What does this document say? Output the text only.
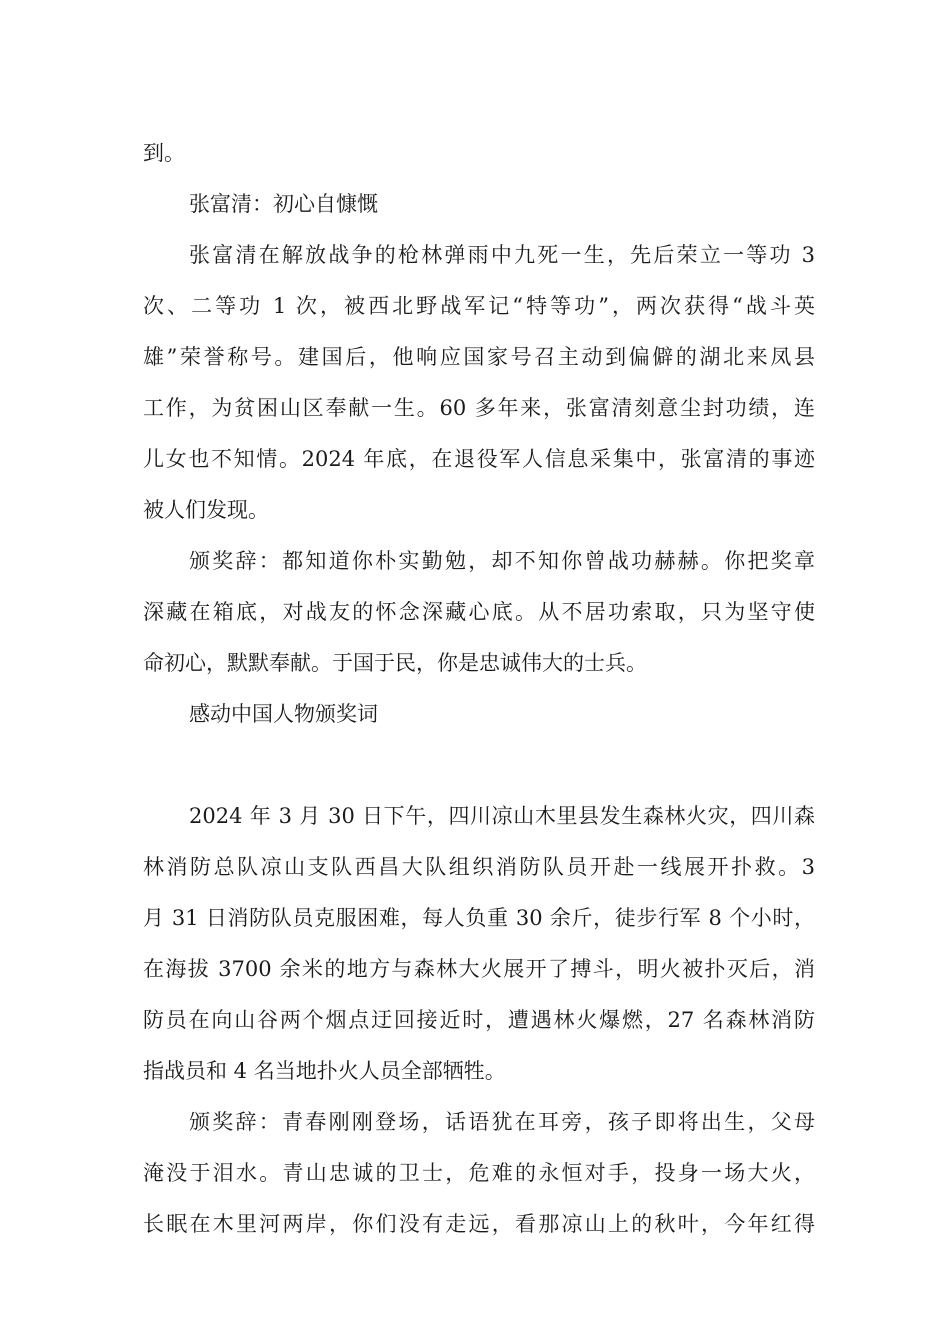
到。
张富清：初心自慷慨
张富清在解放战争的枪林弹雨中九死一生，先后荣立一等功 3
次、二等功 1 次，被西北野战军记“特等功”，两次获得“战斗英
雄”荣誉称号。建国后，他响应国家号召主动到偏僻的湖北来凤县
工作，为贫困山区奉献一生。60 多年来，张富清刻意尘封功绩，连
儿女也不知情。2024 年底，在退役军人信息采集中，张富清的事迹
被人们发现。
颁奖辞：都知道你朴实勤勉，却不知你曾战功赫赫。你把奖章
深藏在箱底，对战友的怀念深藏心底。从不居功索取，只为坚守使
命初心，默默奉献。于国于民，你是忠诚伟大的士兵。
感动中国人物颁奖词
2024 年 3 月 30 日下午，四川凉山木里县发生森林火灾，四川森
林消防总队凉山支队西昌大队组织消防队员开赴一线展开扑救。3
月 31 日消防队员克服困难，每人负重 30 余斤，徒步行军 8 个小时，
在海拔 3700 余米的地方与森林大火展开了搏斗，明火被扑灭后，消
防员在向山谷两个烟点迂回接近时，遭遇林火爆燃，27 名森林消防
指战员和 4 名当地扑火人员全部牺牲。
颁奖辞：青春刚刚登场，话语犹在耳旁，孩子即将出生，父母
淹没于泪水。青山忠诚的卫士，危难的永恒对手，投身一场大火，
长眠在木里河两岸，你们没有走远，看那凉山上的秋叶，今年红得
